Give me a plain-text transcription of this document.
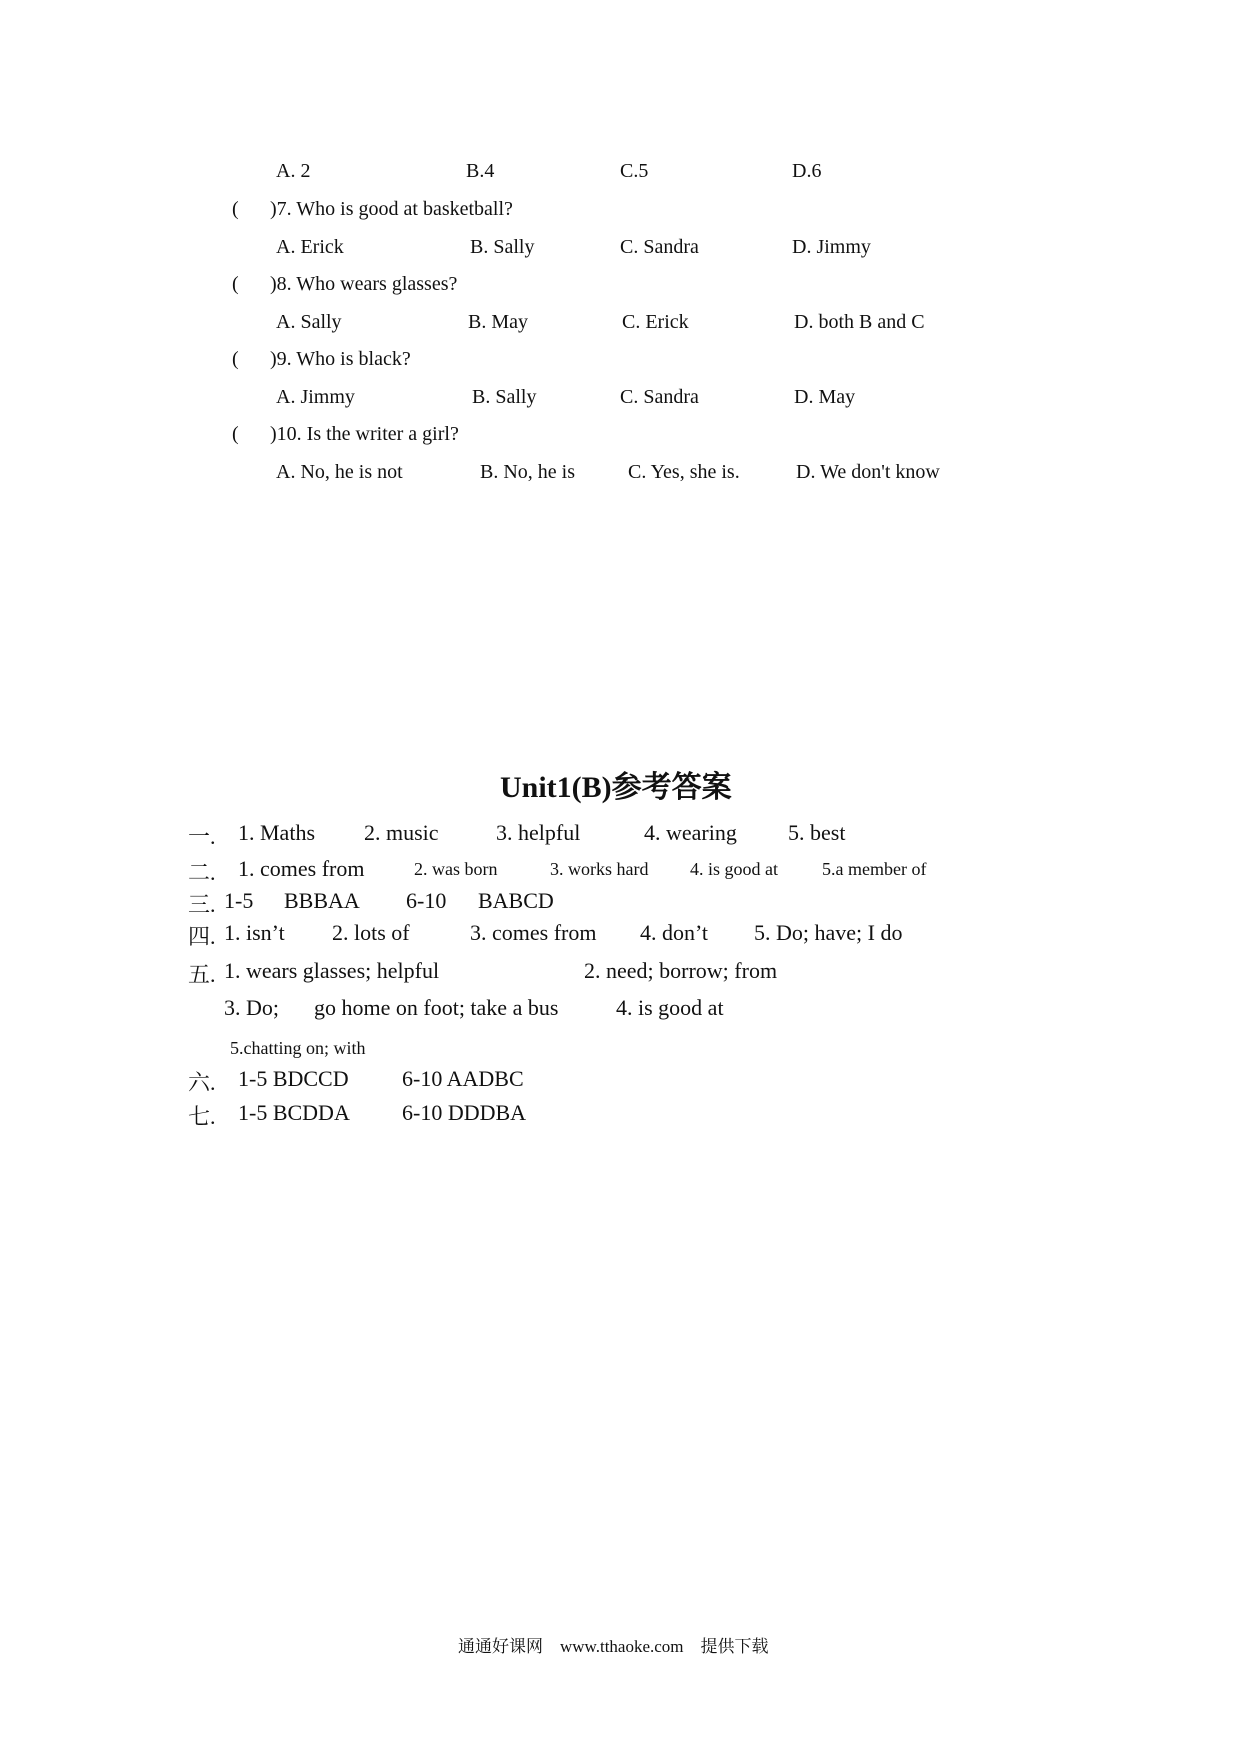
A. 2	B.4	C.5	D.6
( )7. Who is good at basketball?
A. Erick	B. Sally	C. Sandra	D. Jimmy
( )8. Who wears glasses?
A. Sally	B. May	C. Erick	D. both B and C
( )9. Who is black?
A. Jimmy	B. Sally	C. Sandra	D. May
( )10. Is the writer a girl?
A. No, he is not	B. No, he is	C. Yes, she is.	D. We don't know
Unit1(B)参考答案
一. 1. Maths 2. music	3. helpful	4. wearing 5. best
二. 1. comes from	2. was born	3. works hard 4. is good at 5.a member of
三. 1-5 BBBAA 6-10 BABCD
四. 1. isn’t 2. lots of	3. comes from 4. don’t 5. Do; have; I do
五. 1. wears glasses; helpful	2. need; borrow; from
3. Do; go home on foot; take a bus	4. is good at
5.chatting on; with
六. 1-5 BDCCD 6-10 AADBC
七. 1-5 BCDDA 6-10 DDDBA
通通好课网 www.tthaoke.com 提供下载
